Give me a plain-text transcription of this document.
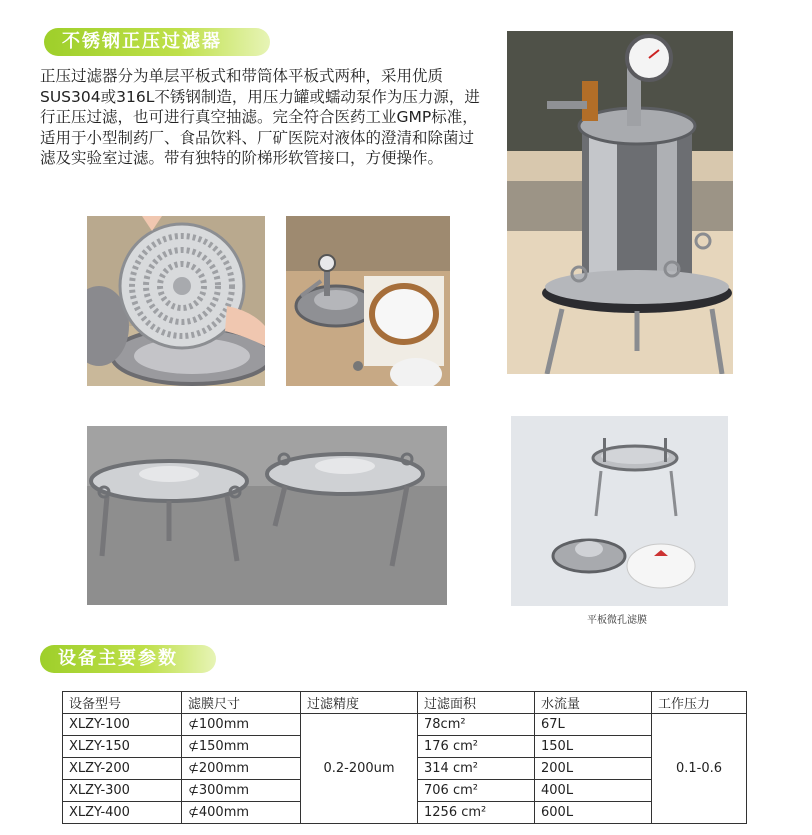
不锈钢正压过滤器
正压过滤器分为单层平板式和带筒体平板式两种，采用优质SUS304或316L不锈钢制造，用压力罐或蠕动泵作为压力源，进行正压过滤，也可进行真空抽滤。完全符合医药工业GMP标准，适用于小型制药厂、食品饮料、厂矿医院对液体的澄清和除菌过滤及实验室过滤。带有独特的阶梯形软管接口，方便操作。
平板微孔滤膜
设备主要参数
设备型号	滤膜尺寸	过滤精度	过滤面积	水流量	工作压力
XLZY-100	⊄100mm	0.2-200um	78cm²	67L	0.1-0.6
XLZY-150	⊄150mm		176 cm²	150L	
XLZY-200	⊄200mm		314 cm²	200L	
XLZY-300	⊄300mm		706 cm²	400L	
XLZY-400	⊄400mm		1256 cm²	600L	
